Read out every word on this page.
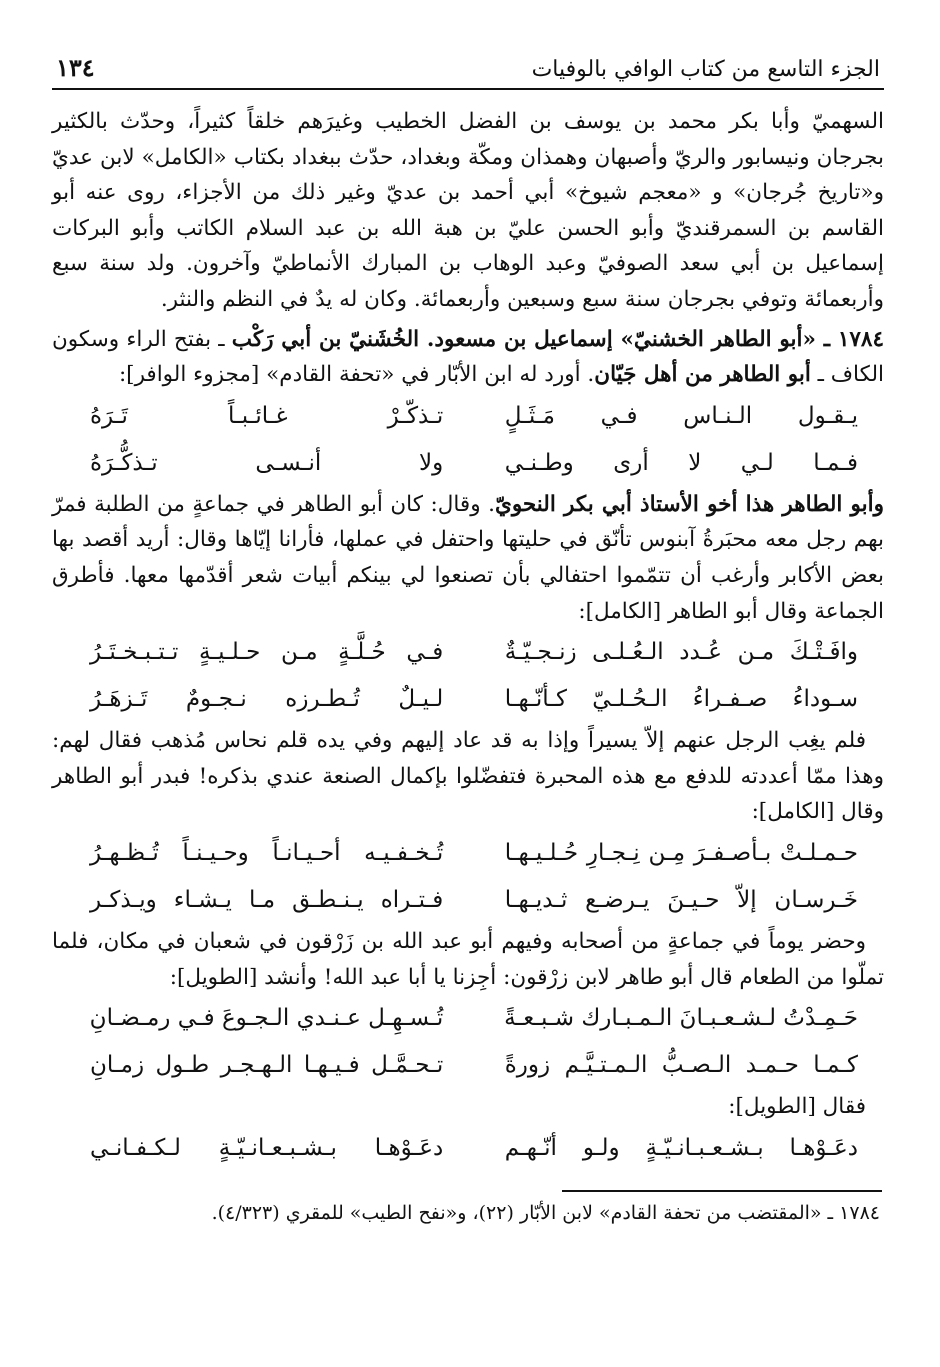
الجزء التاسع من كتاب الوافي بالوفيات
١٣٤

السهميّ وأبا بكر محمد بن يوسف بن الفضل الخطيب وغيرَهم خلقاً كثيراً، وحدّث بالكثير بجرجان ونيسابور والريّ وأصبهان وهمذان ومكّة وبغداد، حدّث ببغداد بكتاب «الكامل» لابن عديّ و«تاريخ جُرجان» و «معجم شيوخ» أبي أحمد بن عديّ وغير ذلك من الأجزاء، روى عنه أبو القاسم بن السمرقنديّ وأبو الحسن عليّ بن هبة الله بن عبد السلام الكاتب وأبو البركات إسماعيل بن أبي سعد الصوفيّ وعبد الوهاب بن المبارك الأنماطيّ وآخرون. ولد سنة سبع وأربعمائة وتوفي بجرجان سنة سبع وسبعين وأربعمائة. وكان له يدٌ في النظم والنثر.

١٧٨٤ ـ «أبو الطاهر الخشنيّ» إسماعيل بن مسعود. الخُشَنيّ بن أبي رَكْب ـ بفتح الراء وسكون الكاف ـ أبو الطاهر من أهل جَيّان. أورد له ابن الأبّار في «تحفة القادم» [مجزوء الوافر]:

يـقـول الـنـاس فـي مَـثَـلٍ
تـذكّـرْ غـائـبـاً تَـرَهُ
فـمـا لـي لا أرى وطـنـي
ولا أنـسـى تـذكُّـرَهُ

وأبو الطاهر هذا أخو الأستاذ أبي بكر النحويّ. وقال: كان أبو الطاهر في جماعةٍ من الطلبة فمرّ بهم رجل معه محبَرةُ آبنوس تأنّق في حليتها واحتفل في عملها، فأرانا إيّاها وقال: أريد أقصد بها بعض الأكابر وأرغب أن تتمّموا احتفالي بأن تصنعوا لي بينكم أبيات شعر أقدّمها معها. فأطرق الجماعة وقال أبو الطاهر [الكامل]:

وافَـتْـكَ مـن عُـدد الـعُـلـى زنـجـيّـةٌ
فـي حُـلَّـةٍ مـن حـلـيـةٍ تـتـبـخـتَـرُ
سـوداءُ صـفـراءُ الـحُـلـيّ كـأنّـهـا
لـيـلٌ تُـطـرزه نـجـومٌ تَـزهَـرُ

فلم يغِب الرجل عنهم إلاّ يسيراً وإذا به قد عاد إليهم وفي يده قلم نحاس مُذهب فقال لهم: وهذا ممّا أعددته للدفع مع هذه المحبرة فتفضّلوا بإكمال الصنعة عندي بذكره! فبدر أبو الطاهر وقال [الكامل]:

حـمـلـتْ بـأصـفـرَ مِـن نِـجـارِ حُـلـيـهـا
تُـخـفـيـه أحـيـانـاً وحـيـنـاً تُـظـهـرُ
خَـرسـان إلاّ حـيـنَ يـرضـع ثـديـهـا
فـتـراه يـنـطـق مـا يـشـاء ويـذكـر

وحضر يوماً في جماعةٍ من أصحابه وفيهم أبو عبد الله بن زَرْقون في شعبان في مكان، فلما تملّوا من الطعام قال أبو طاهر لابن زرْقون: أجِزنا يا أبا عبد الله! وأنشد [الطويل]:

حَـمِـدْتُ لـشـعـبـانَ الـمـبـارك شـبـعـةً
تُـسـهِـل عـنـدي الـجـوعَ فـي رمـضـانِ
كـمـا حـمـد الـصـبُّ الـمـتـيَّـم زورةً
تـحـمَّـل فـيـهـا الـهـجـر طـول زمـانِ

فقال [الطويل]:

دعَـوْهـا بـشـعـبـانـيّـةٍ ولـو أنّـهـم
دعَـوْهـا بـشـبـعـانـيّـةٍ لـكـفـانـي

١٧٨٤ ـ «المقتضب من تحفة القادم» لابن الأبّار (٢٢)، و«نفح الطيب» للمقري (٤/٣٢٣).
